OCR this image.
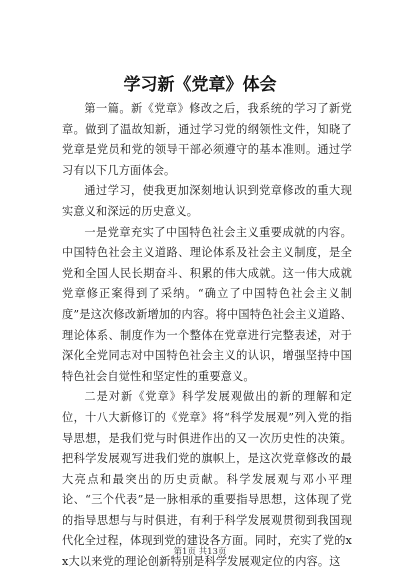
学习新《党章》体会

第一篇。新《党章》修改之后，我系统的学习了新党章。做到了温故知新，通过学习党的纲领性文件，知晓了党章是党员和党的领导干部必须遵守的基本准则。通过学习有以下几方面体会。

通过学习，使我更加深刻地认识到党章修改的重大现实意义和深远的历史意义。

一是党章充实了中国特色社会主义重要成就的内容。中国特色社会主义道路、理论体系及社会主义制度，是全党和全国人民长期奋斗、积累的伟大成就。这一伟大成就党章修正案得到了采纳。“确立了中国特色社会主义制度”是这次修改新增加的内容。将中国特色社会主义道路、理论体系、制度作为一个整体在党章进行完整表述，对于深化全党同志对中国特色社会主义的认识，增强坚持中国特色社会自觉性和坚定性的重要意义。

二是对新《党章》科学发展观做出的新的理解和定位，十八大新修订的《党章》将“科学发展观”列入党的指导思想，是我们党与时俱进作出的又一次历史性的决策。把科学发展观写进我们党的旗帜上，是这次党章修改的最大亮点和最突出的历史贡献。科学发展观与邓小平理论、“三个代表”是一脉相承的重要指导思想，这体现了党的指导思想与与时俱进，有利于科学发展观贯彻到我国现代化全过程，体现到党的建设各方面。同时，充实了党的xx大以来党的理论创新特别是科学发展观定位的内容。这

第1页 共13页
